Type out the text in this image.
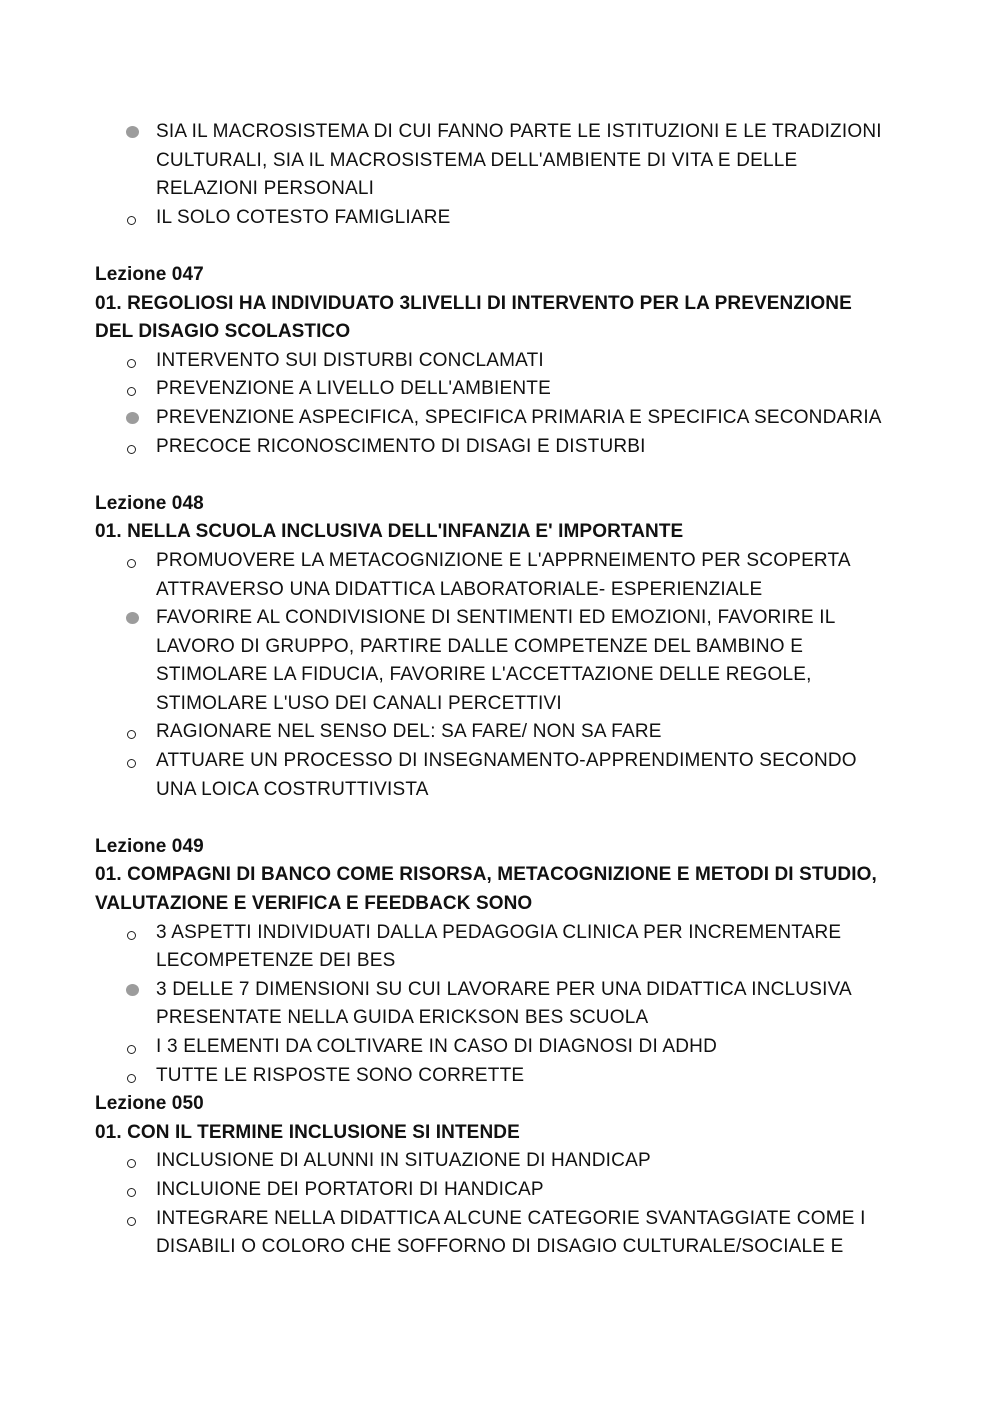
SIA IL MACROSISTEMA DI CUI FANNO PARTE LE ISTITUZIONI E LE TRADIZIONI CULTURALI, SIA IL MACROSISTEMA DELL'AMBIENTE DI VITA E DELLE RELAZIONI PERSONALI
IL SOLO COTESTO FAMIGLIARE
Lezione 047
01. REGOLIOSI HA INDIVIDUATO 3LIVELLI DI INTERVENTO PER LA PREVENZIONE DEL DISAGIO SCOLASTICO
INTERVENTO SUI DISTURBI CONCLAMATI
PREVENZIONE A LIVELLO DELL'AMBIENTE
PREVENZIONE ASPECIFICA, SPECIFICA PRIMARIA E SPECIFICA SECONDARIA
PRECOCE RICONOSCIMENTO DI DISAGI E DISTURBI
Lezione 048
01. NELLA SCUOLA INCLUSIVA DELL'INFANZIA E' IMPORTANTE
PROMUOVERE LA METACOGNIZIONE E L'APPRNEIMENTO PER SCOPERTA ATTRAVERSO UNA DIDATTICA LABORATORIALE- ESPERIENZIALE
FAVORIRE AL CONDIVISIONE DI SENTIMENTI ED EMOZIONI, FAVORIRE IL LAVORO DI GRUPPO, PARTIRE DALLE COMPETENZE DEL BAMBINO E STIMOLARE LA FIDUCIA, FAVORIRE L'ACCETTAZIONE DELLE REGOLE, STIMOLARE L'USO DEI CANALI PERCETTIVI
RAGIONARE NEL SENSO DEL: SA FARE/ NON SA FARE
ATTUARE UN PROCESSO DI INSEGNAMENTO-APPRENDIMENTO SECONDO UNA LOICA COSTRUTTIVISTA
Lezione 049
01. COMPAGNI DI BANCO COME RISORSA, METACOGNIZIONE E METODI DI STUDIO, VALUTAZIONE E VERIFICA E FEEDBACK SONO
3 ASPETTI INDIVIDUATI DALLA PEDAGOGIA CLINICA PER INCREMENTARE LECOMPETENZE DEI BES
3 DELLE 7 DIMENSIONI SU CUI LAVORARE PER UNA DIDATTICA INCLUSIVA PRESENTATE NELLA GUIDA ERICKSON BES SCUOLA
I 3 ELEMENTI DA COLTIVARE IN CASO DI DIAGNOSI DI ADHD
TUTTE LE RISPOSTE SONO CORRETTE
Lezione 050
01. CON IL TERMINE INCLUSIONE SI INTENDE
INCLUSIONE DI ALUNNI IN SITUAZIONE DI HANDICAP
INCLUIONE DEI PORTATORI DI HANDICAP
INTEGRARE NELLA DIDATTICA ALCUNE CATEGORIE SVANTAGGIATE COME I DISABILI O COLORO CHE SOFFORNO DI DISAGIO CULTURALE/SOCIALE E
